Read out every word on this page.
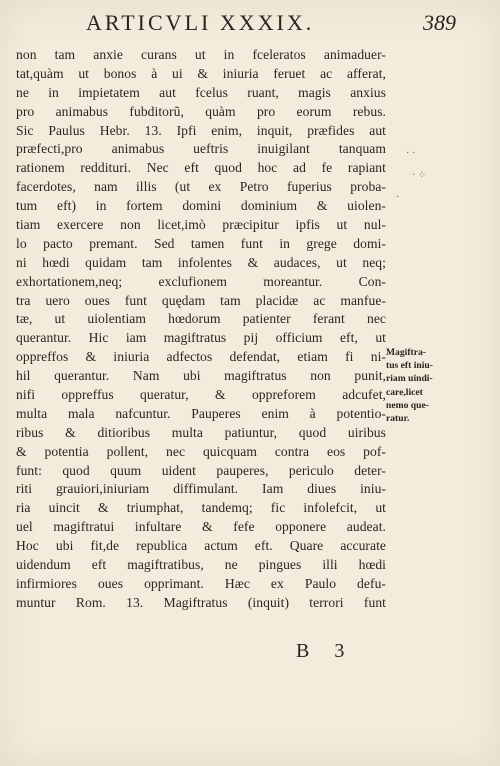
ARTICVLI XXXIX.	389
non tam anxie curans ut in fceleratos animaduer-
tat,quàm ut bonos à ui & iniuria feruet ac afferat,
ne in impietatem aut fcelus ruant, magis anxius
pro animabus fubditorũ, quàm pro eorum rebus.
Sic Paulus Hebr. 13. Ipfi enim, inquit, præfides aut
præfecti,pro animabus ueftris inuigilant tanquam
rationem reddituri. Nec eft quod hoc ad fe rapiant
facerdotes, nam illis (ut ex Petro fuperius proba-
tum eft) in fortem domini dominium & uiolen-
tiam exercere non licet,imò præcipitur ipfis ut nul-
lo pacto premant. Sed tamen funt in grege domi-
ni hœdi quidam tam infolentes & audaces, ut neq;
exhortationem,neq; exclufionem moreantur. Con-
tra uero oues funt quędam tam placidæ ac manfue-
tæ, ut uiolentiam hœdorum patienter ferant nec
querantur. Hic iam magiftratus pij officium eft, ut
oppreffos & iniuria adfectos defendat, etiam fi ni-
hil querantur. Nam ubi magiftratus non punit,
nifi oppreffus queratur, & oppreforem adcufet,
multa mala nafcuntur. Pauperes enim à potentio-
ribus & ditioribus multa patiuntur, quod uiribus
& potentia pollent, nec quicquam contra eos pof-
funt: quod quum uident pauperes, periculo deter-
riti grauiori,iniuriam diffimulant. Iam diues iniu-
ria uincit & triumphat, tandemq; fic infolefcit, ut
uel magiftratui infultare & fefe opponere audeat.
Hoc ubi fit,de republica actum eft. Quare accurate
uidendum eft magiftratibus, ne pingues illi hœdi
infirmiores oues opprimant. Hæc ex Paulo defu-
muntur Rom. 13. Magiftratus (inquit) terrori funt
Magiftra-
tus eft iniu-
riam uindi-
care,licet
nemo que-
ratur.
· ·
· ⁘
·
B 3
